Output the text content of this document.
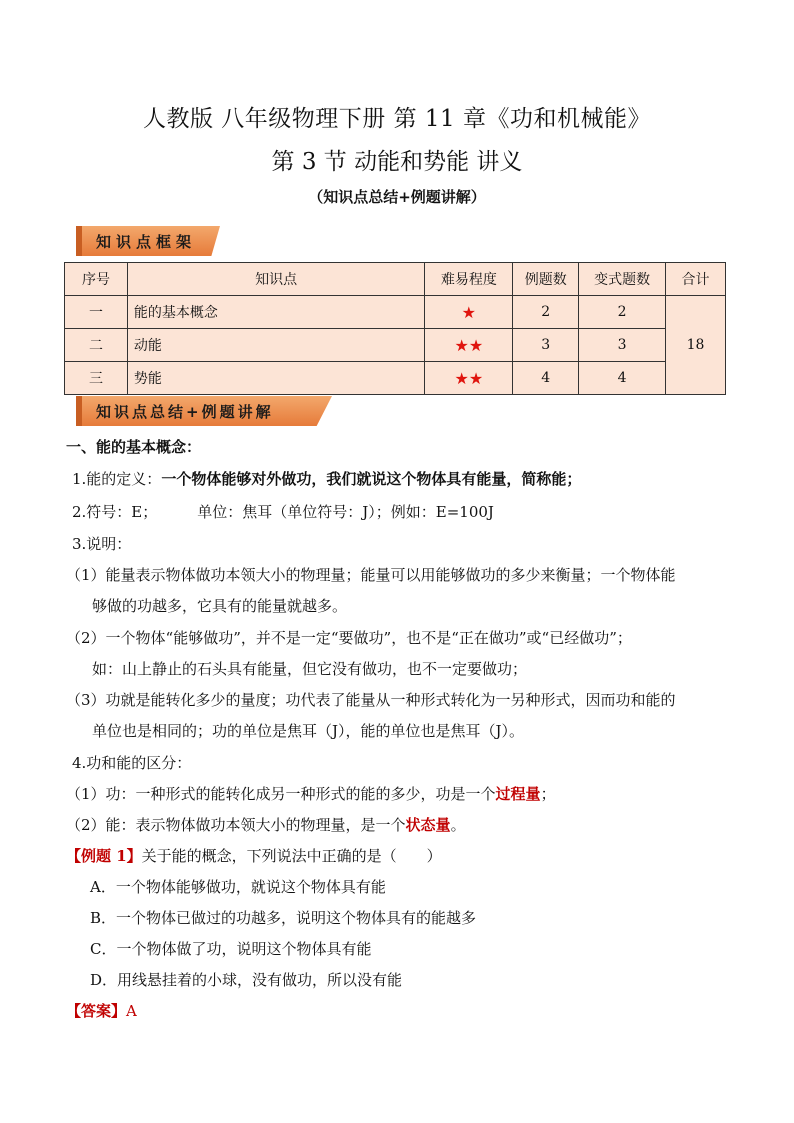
人教版 八年级物理下册 第 11 章《功和机械能》
第 3 节 动能和势能 讲义
（知识点总结+例题讲解）
知识点框架
序号	知识点	难易程度	例题数	变式题数	合计
一	能的基本概念	★	2	2	18
二	动能	★★	3	3	
三	势能	★★	4	4	
知识点总结+例题讲解
一、能的基本概念：
1.能的定义：一个物体能够对外做功，我们就说这个物体具有能量，简称能；
2.符号：E；	单位：焦耳（单位符号：J）；例如：E=100J
3.说明：
（1）能量表示物体做功本领大小的物理量；能量可以用能够做功的多少来衡量；一个物体能
够做的功越多，它具有的能量就越多。
（2）一个物体“能够做功”，并不是一定“要做功”，也不是“正在做功”或“已经做功”；
如：山上静止的石头具有能量，但它没有做功，也不一定要做功；
（3）功就是能转化多少的量度；功代表了能量从一种形式转化为一另种形式，因而功和能的
单位也是相同的；功的单位是焦耳（J），能的单位也是焦耳（J）。
4.功和能的区分：
（1）功：一种形式的能转化成另一种形式的能的多少，功是一个过程量；
（2）能：表示物体做功本领大小的物理量，是一个状态量。
【例题 1】关于能的概念，下列说法中正确的是（　　）
A．一个物体能够做功，就说这个物体具有能
B．一个物体已做过的功越多，说明这个物体具有的能越多
C．一个物体做了功，说明这个物体具有能
D．用线悬挂着的小球，没有做功，所以没有能
【答案】A
